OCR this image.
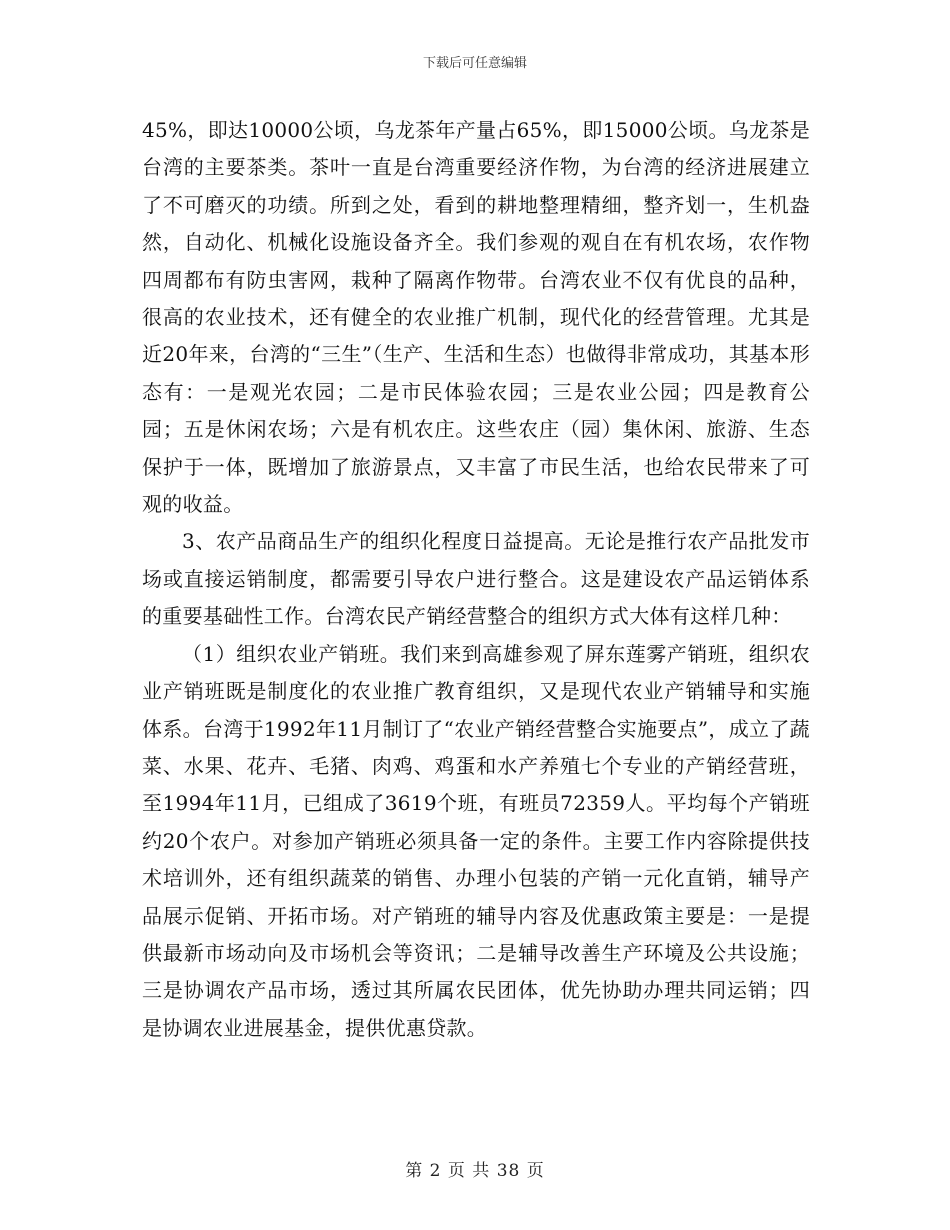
下载后可任意编辑

45%，即达10000公顷，乌龙茶年产量占65%，即15000公顷。乌龙茶是台湾的主要茶类。茶叶一直是台湾重要经济作物，为台湾的经济进展建立了不可磨灭的功绩。所到之处，看到的耕地整理精细，整齐划一，生机盎然，自动化、机械化设施设备齐全。我们参观的观自在有机农场，农作物四周都布有防虫害网，栽种了隔离作物带。台湾农业不仅有优良的品种，很高的农业技术，还有健全的农业推广机制，现代化的经营管理。尤其是近20年来，台湾的“三生”（生产、生活和生态）也做得非常成功，其基本形态有：一是观光农园；二是市民体验农园；三是农业公园；四是教育公园；五是休闲农场；六是有机农庄。这些农庄（园）集休闲、旅游、生态保护于一体，既增加了旅游景点，又丰富了市民生活，也给农民带来了可观的收益。

3、农产品商品生产的组织化程度日益提高。无论是推行农产品批发市场或直接运销制度，都需要引导农户进行整合。这是建设农产品运销体系的重要基础性工作。台湾农民产销经营整合的组织方式大体有这样几种：

（1）组织农业产销班。我们来到高雄参观了屏东莲雾产销班，组织农业产销班既是制度化的农业推广教育组织，又是现代农业产销辅导和实施体系。台湾于1992年11月制订了“农业产销经营整合实施要点”，成立了蔬菜、水果、花卉、毛猪、肉鸡、鸡蛋和水产养殖七个专业的产销经营班，至1994年11月，已组成了3619个班，有班员72359人。平均每个产销班约20个农户。对参加产销班必须具备一定的条件。主要工作内容除提供技术培训外，还有组织蔬菜的销售、办理小包装的产销一元化直销，辅导产品展示促销、开拓市场。对产销班的辅导内容及优惠政策主要是：一是提供最新市场动向及市场机会等资讯；二是辅导改善生产环境及公共设施；三是协调农产品市场，透过其所属农民团体，优先协助办理共同运销；四是协调农业进展基金，提供优惠贷款。

第 2 页 共 38 页
